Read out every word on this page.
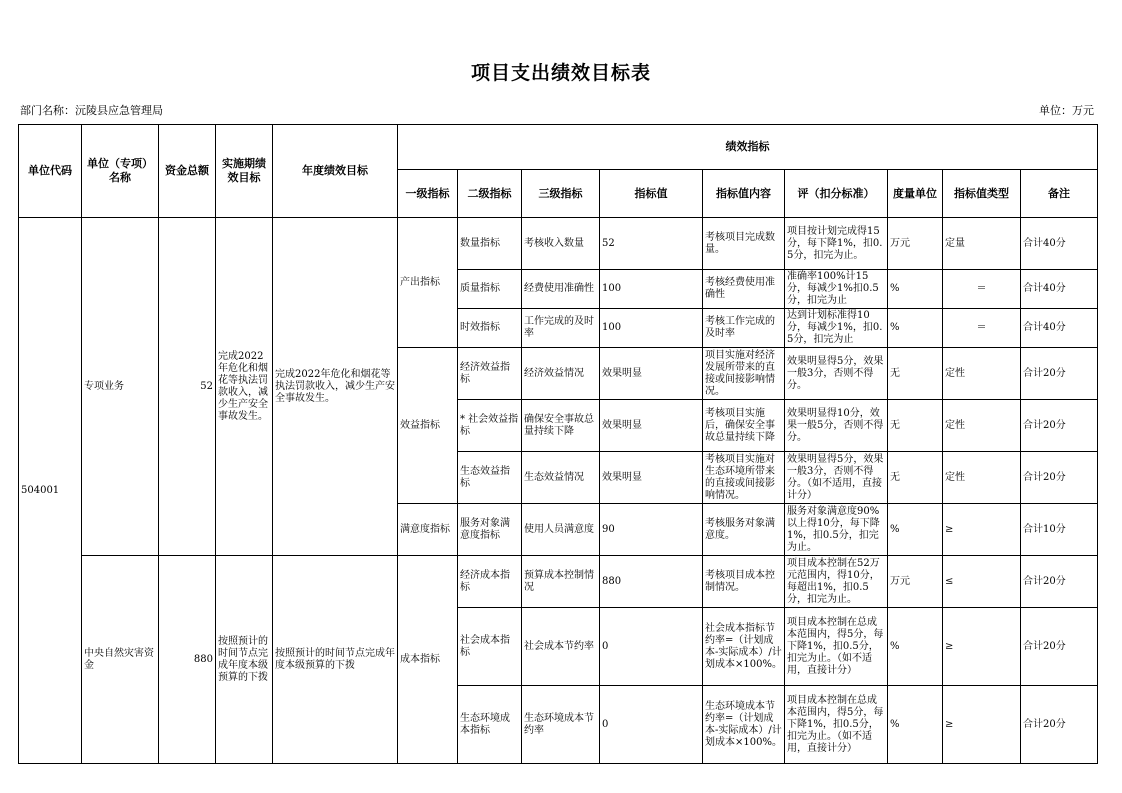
项目支出绩效目标表
部门名称：沅陵县应急管理局	单位：万元
单位代码	单位（专项）名称	资金总额	实施期绩效目标	年度绩效目标	绩效指标								
					一级指标	二级指标	三级指标	指标值	指标值内容	评（扣分标准）	度量单位	指标值类型	备注
504001	专项业务	52	完成2022年危化和烟花等执法罚款收入，减少生产安全事故发生。	完成2022年危化和烟花等执法罚款收入，减少生产安全事故发生。	产出指标	数量指标	考核收入数量	52	考核项目完成数量。	项目按计划完成得15分，每下降1%，扣0.5分，扣完为止。	万元	定量	合计40分
						质量指标	经费使用准确性	100	考核经费使用准确性	准确率100%计15分，每减少1%扣0.5分，扣完为止	%	＝	合计40分
						时效指标	工作完成的及时率	100	考核工作完成的及时率	达到计划标准得10分，每减少1%，扣0.5分，扣完为止	%	＝	合计40分
					效益指标	经济效益指标	经济效益情况	效果明显	项目实施对经济发展所带来的直接或间接影响情况。	效果明显得5分，效果一般3分，否则不得分。	无	定性	合计20分
						* 社会效益指标	确保安全事故总量持续下降	效果明显	考核项目实施后，确保安全事故总量持续下降	效果明显得10分，效果一般5分，否则不得分。	无	定性	合计20分
						生态效益指标	生态效益情况	效果明显	考核项目实施对生态环境所带来的直接或间接影响情况。	效果明显得5分，效果一般3分，否则不得分。（如不适用，直接计分）	无	定性	合计20分
					满意度指标	服务对象满意度指标	使用人员满意度	90	考核服务对象满意度。	服务对象满意度90%以上得10分，每下降1%，扣0.5分，扣完为止。	%	≥	合计10分
	中央自然灾害资金	880	按照预计的时间节点完成年度本级预算的下拨	按照预计的时间节点完成年度本级预算的下拨	成本指标	经济成本指标	预算成本控制情况	880	考核项目成本控制情况。	项目成本控制在52万元范围内，得10分，每超出1%，扣0.5分，扣完为止。	万元	≤	合计20分
						社会成本指标	社会成本节约率	0	社会成本指标节约率=（计划成本-实际成本）/计划成本×100%。	项目成本控制在总成本范围内，得5分，每下降1%，扣0.5分，扣完为止。（如不适用，直接计分）	%	≥	合计20分
						生态环境成本指标	生态环境成本节约率	0	生态环境成本节约率=（计划成本-实际成本）/计划成本×100%。	项目成本控制在总成本范围内，得5分，每下降1%，扣0.5分，扣完为止。（如不适用，直接计分）	%	≥	合计20分
